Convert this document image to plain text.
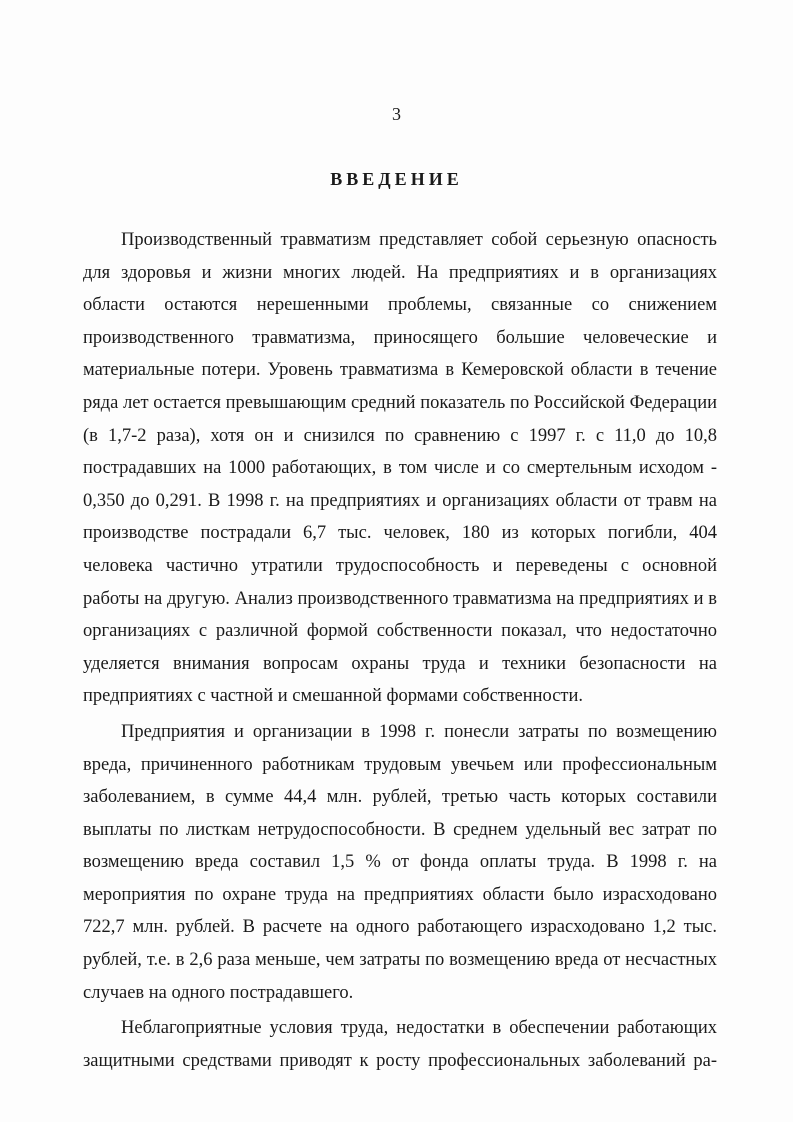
3
ВВЕДЕНИЕ

Производственный травматизм представляет собой серьезную опасность для здоровья и жизни многих людей. На предприятиях и в организациях области остаются нерешенными проблемы, связанные со снижением производственного травматизма, приносящего большие человеческие и материальные потери. Уровень травматизма в Кемеровской области в течение ряда лет остается превышающим средний показатель по Российской Федерации (в 1,7-2 раза), хотя он и снизился по сравнению с 1997 г. с 11,0 до 10,8 пострадавших на 1000 работающих, в том числе и со смертельным исходом - 0,350 до 0,291. В 1998 г. на предприятиях и организациях области от травм на производстве пострадали 6,7 тыс. человек, 180 из которых погибли, 404 человека частично утратили трудоспособность и переведены с основной работы на другую. Анализ производственного травматизма на предприятиях и в организациях с различной формой собственности показал, что недостаточно уделяется внимания вопросам охраны труда и техники безопасности на предприятиях с частной и смешанной формами собственности.

Предприятия и организации в 1998 г. понесли затраты по возмещению вреда, причиненного работникам трудовым увечьем или профессиональным заболеванием, в сумме 44,4 млн. рублей, третью часть которых составили выплаты по листкам нетрудоспособности. В среднем удельный вес затрат по возмещению вреда составил 1,5 % от фонда оплаты труда. В 1998 г. на мероприятия по охране труда на предприятиях области было израсходовано 722,7 млн. рублей. В расчете на одного работающего израсходовано 1,2 тыс. рублей, т.е. в 2,6 раза меньше, чем затраты по возмещению вреда от несчастных случаев на одного пострадавшего.

Неблагоприятные условия труда, недостатки в обеспечении работающих защитными средствами приводят к росту профессиональных заболеваний ра-
